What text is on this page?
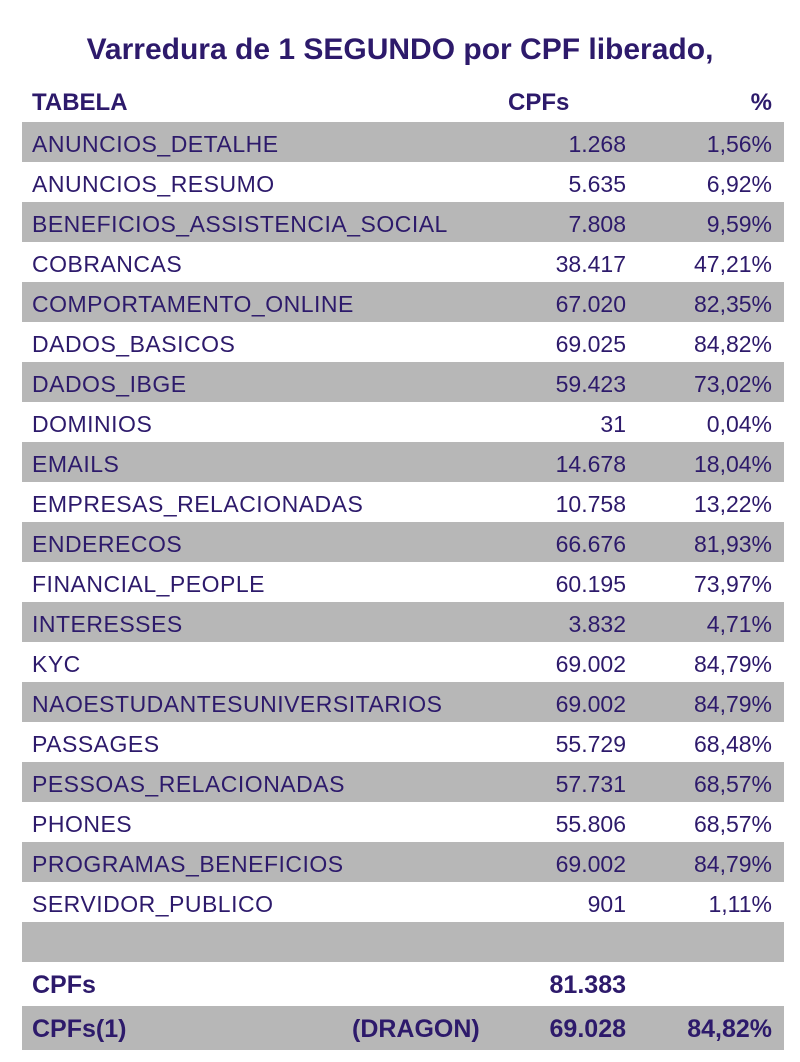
Varredura de 1 SEGUNDO por CPF liberado,
TABELA	CPFs	%
ANUNCIOS_DETALHE	1.268	1,56%
ANUNCIOS_RESUMO	5.635	6,92%
BENEFICIOS_ASSISTENCIA_SOCIAL	7.808	9,59%
COBRANCAS	38.417	47,21%
COMPORTAMENTO_ONLINE	67.020	82,35%
DADOS_BASICOS	69.025	84,82%
DADOS_IBGE	59.423	73,02%
DOMINIOS	31	0,04%
EMAILS	14.678	18,04%
EMPRESAS_RELACIONADAS	10.758	13,22%
ENDERECOS	66.676	81,93%
FINANCIAL_PEOPLE	60.195	73,97%
INTERESSES	3.832	4,71%
KYC	69.002	84,79%
NAOESTUDANTESUNIVERSITARIOS	69.002	84,79%
PASSAGES	55.729	68,48%
PESSOAS_RELACIONADAS	57.731	68,57%
PHONES	55.806	68,57%
PROGRAMAS_BENEFICIOS	69.002	84,79%
SERVIDOR_PUBLICO	901	1,11%
CPFs	81.383
CPFs(1)	(DRAGON)	69.028 84,82%
